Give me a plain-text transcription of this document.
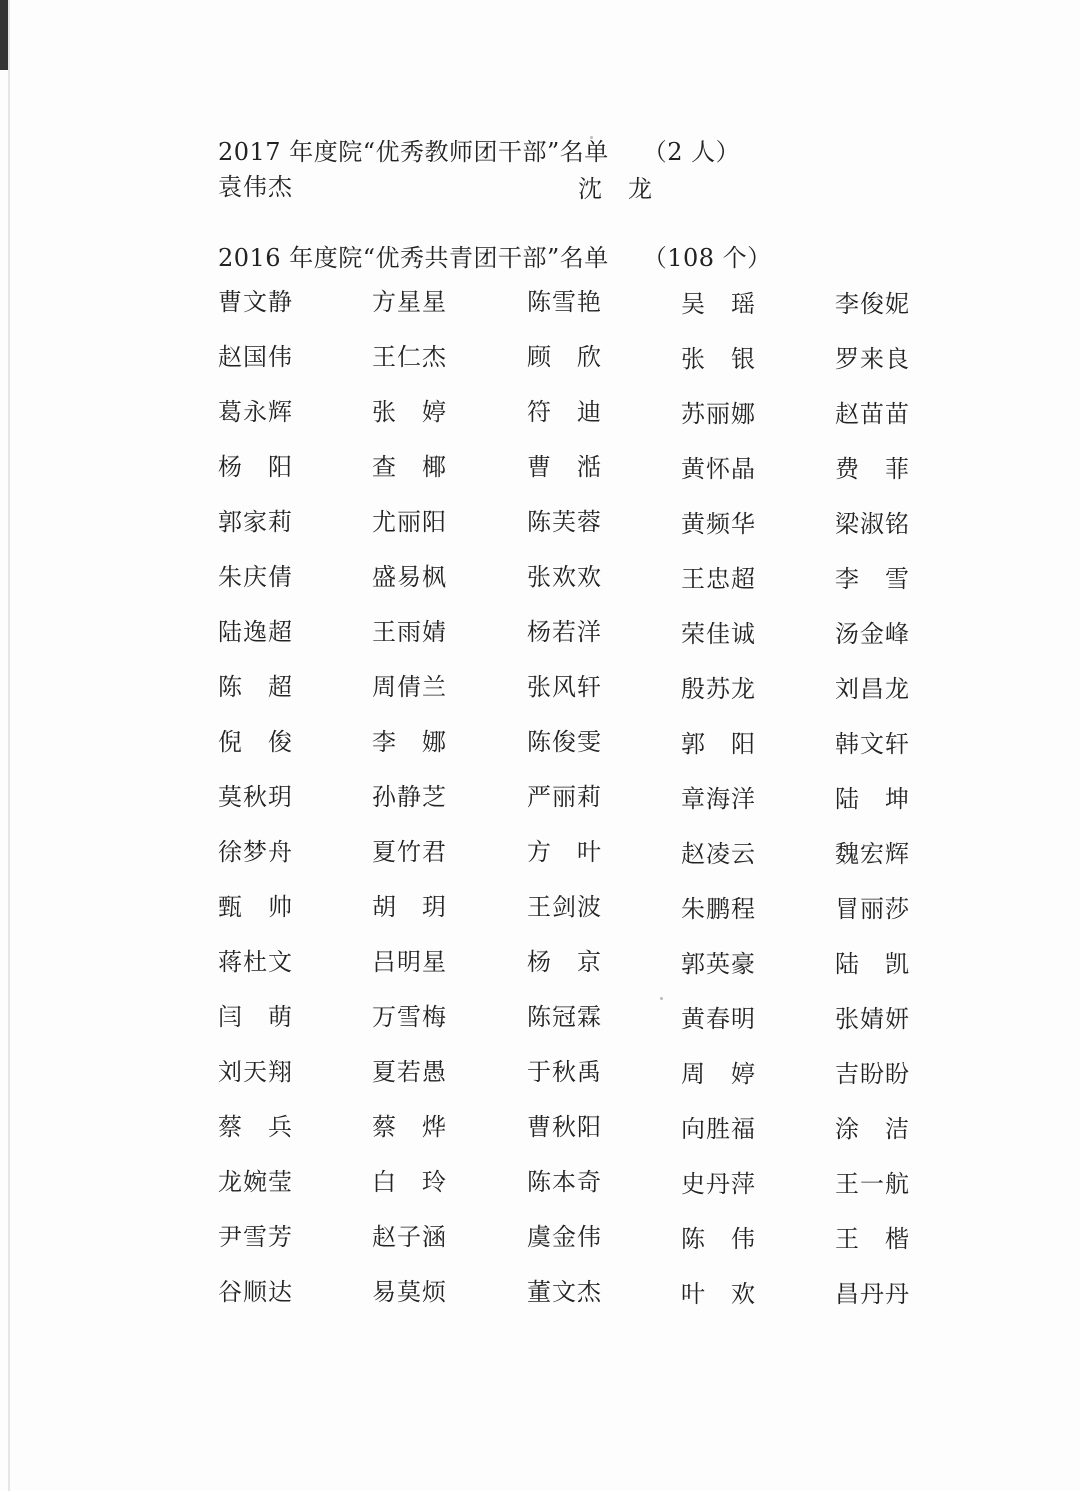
2017 年度院“优秀教师团干部”名单 （2 人）
袁伟杰	沈　龙
2016 年度院“优秀共青团干部”名单 （108 个）
曹文静	方星星	陈雪艳	吴　瑶	李俊妮
赵国伟	王仁杰	顾　欣	张　银	罗来良
葛永辉	张　婷	符　迪	苏丽娜	赵苗苗
杨　阳	查　椰	曹　湉	黄怀晶	费　菲
郭家莉	尤丽阳	陈芙蓉	黄频华	梁淑铭
朱庆倩	盛易枫	张欢欢	王忠超	李　雪
陆逸超	王雨婧	杨若洋	荣佳诚	汤金峰
陈　超	周倩兰	张风轩	殷苏龙	刘昌龙
倪　俊	李　娜	陈俊雯	郭　阳	韩文轩
莫秋玥	孙静芝	严丽莉	章海洋	陆　坤
徐梦舟	夏竹君	方　叶	赵凌云	魏宏辉
甄　帅	胡　玥	王剑波	朱鹏程	冒丽莎
蒋杜文	吕明星	杨　京	郭英豪	陆　凯
闫　萌	万雪梅	陈冠霖	黄春明	张婧妍
刘天翔	夏若愚	于秋禹	周　婷	吉盼盼
蔡　兵	蔡　烨	曹秋阳	向胜福	涂　洁
龙婉莹	白　玲	陈本奇	史丹萍	王一航
尹雪芳	赵子涵	虞金伟	陈　伟	王　楷
谷顺达	易莫烦	董文杰	叶　欢	昌丹丹
